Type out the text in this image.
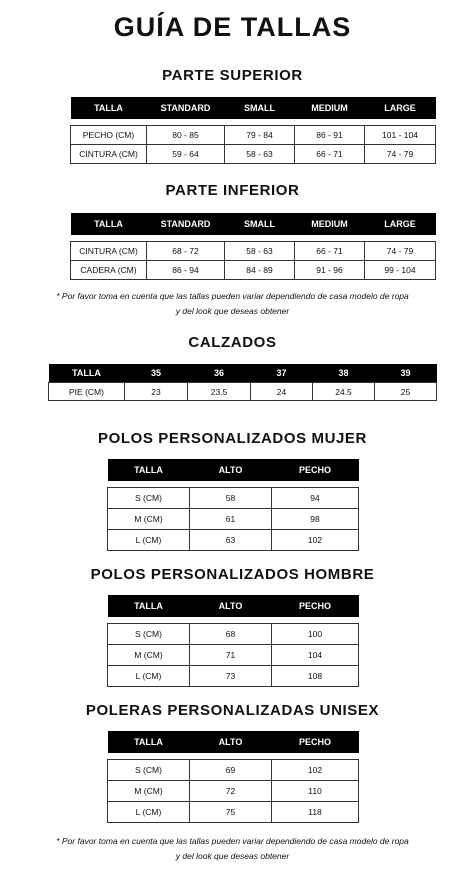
GUÍA DE TALLAS
PARTE SUPERIOR
TALLA	STANDARD	SMALL	MEDIUM	LARGE

PECHO (CM)	80 - 85	79 - 84	86 - 91	101 - 104
CINTURA (CM)	59 - 64	58 - 63	66 - 71	74 - 79
PARTE INFERIOR
TALLA	STANDARD	SMALL	MEDIUM	LARGE

CINTURA (CM)	68 - 72	58 - 63	66 - 71	74 - 79
CADERA (CM)	86 - 94	84 - 89	91 - 96	99 - 104
* Por favor toma en cuenta que las tallas pueden variar dependiendo de casa modelo de ropa
y del look que deseas obtener
CALZADOS
TALLA	35	36	37	38	39
PIE (CM)	23	23.5	24	24.5	25
POLOS PERSONALIZADOS MUJER
TALLA	ALTO	PECHO

S (CM)	58	94
M (CM)	61	98
L (CM)	63	102
POLOS PERSONALIZADOS HOMBRE
TALLA	ALTO	PECHO

S (CM)	68	100
M (CM)	71	104
L (CM)	73	108
POLERAS PERSONALIZADAS UNISEX
TALLA	ALTO	PECHO

S (CM)	69	102
M (CM)	72	110
L (CM)	75	118
* Por favor toma en cuenta que las tallas pueden variar dependiendo de casa modelo de ropa
y del look que deseas obtener
